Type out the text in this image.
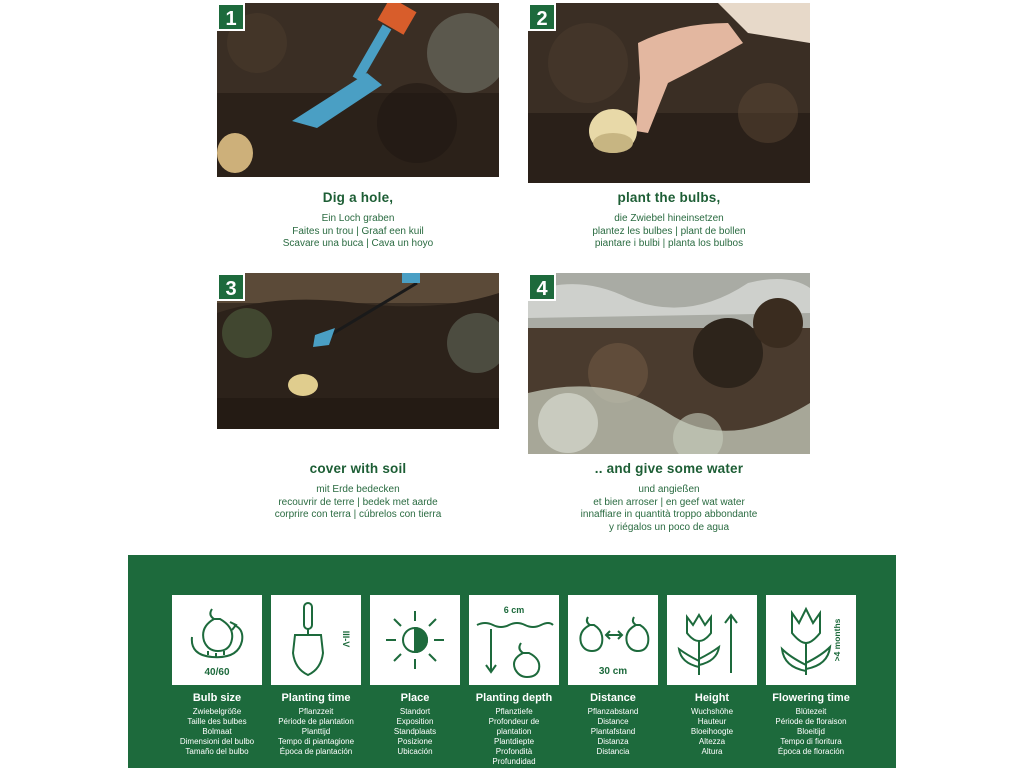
1
Dig a hole,
Ein Loch graben
Faites un trou | Graaf een kuil
Scavare una buca | Cava un hoyo
2
plant the bulbs,
die Zwiebel hineinsetzen
plantez les bulbes | plant de bollen
piantare i bulbi | planta los bulbos
3
cover with soil
mit Erde bedecken
recouvrir de terre | bedek met aarde
corprire con terra | cúbrelos con tierra
4
.. and give some water
und angießen
et bien arroser | en geef wat water
innaffiare in quantità troppo abbondante
y riégalos un poco de agua
40/60
Bulb size
Zwiebelgröße
Taille des bulbes
Bolmaat
Dimensioni del bulbo
Tamaño del bulbo
III-V
Planting time
Pflanzzeit
Période de plantation
Planttijd
Tempo di piantagione
Época de plantación
Place
Standort
Exposition
Standplaats
Posizione
Ubicación
6 cm
Planting depth
Pflanztiefe
Profondeur de
plantation
Plantdiepte
Profondità
Profundidad
30 cm
Distance
Pflanzabstand
Distance
Plantafstand
Distanza
Distancia
Height
Wuchshöhe
Hauteur
Bloeihoogte
Altezza
Altura
>4 months
Flowering time
Blütezeit
Période de floraison
Bloeitijd
Tempo di fioritura
Época de floración
